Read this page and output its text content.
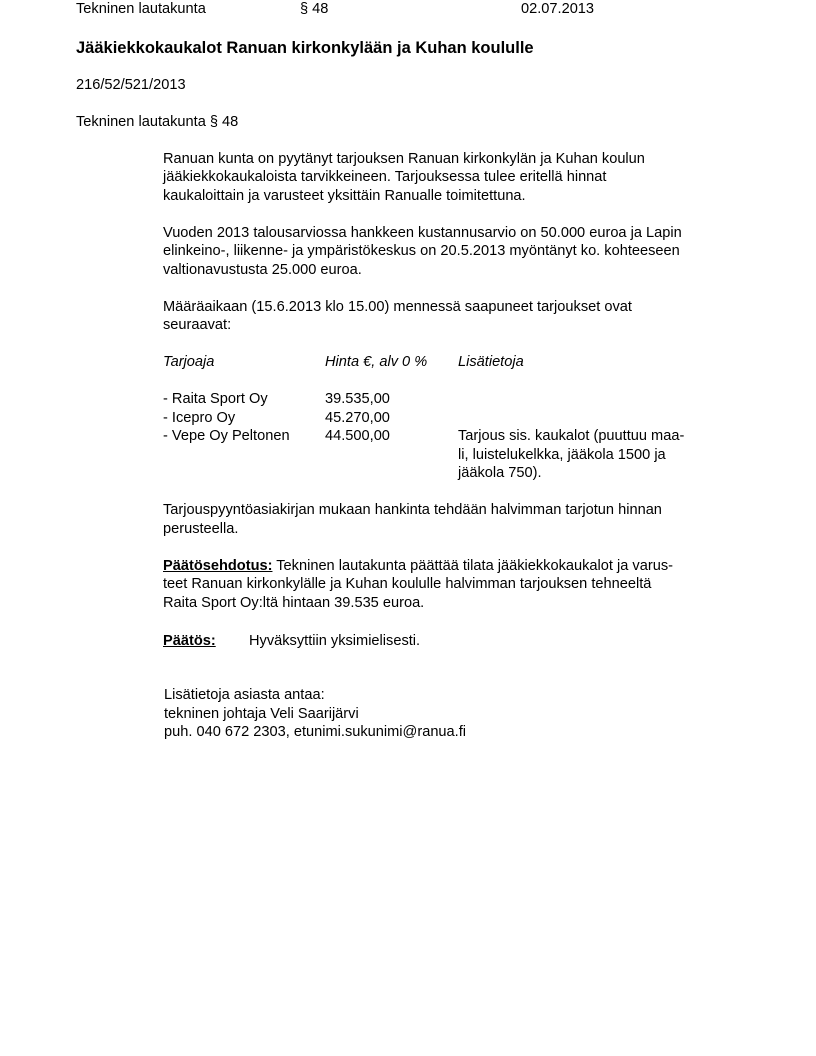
Tekninen lautakunta	§ 48	02.07.2013
Jääkiekkokaukalot Ranuan kirkonkylään ja Kuhan koululle
216/52/521/2013
Tekninen lautakunta § 48
Ranuan kunta on pyytänyt tarjouksen Ranuan kirkonkylän ja Kuhan koulun
jääkiekkokaukaloista tarvikkeineen. Tarjouksessa tulee eritellä hinnat
kaukaloittain ja varusteet yksittäin Ranualle toimitettuna.
Vuoden 2013 talousarviossa hankkeen kustannusarvio on 50.000 euroa ja Lapin
elinkeino-, liikenne- ja ympäristökeskus on 20.5.2013 myöntänyt ko. kohteeseen
valtionavustusta 25.000 euroa.
Määräaikaan (15.6.2013 klo 15.00) mennessä saapuneet tarjoukset ovat
seuraavat:
Tarjoaja	Hinta €, alv 0 % Lisätietoja
- Raita Sport Oy	39.535,00
- Icepro Oy	45.270,00
- Vepe Oy Peltonen 44.500,00	Tarjous sis. kaukalot (puuttuu maa-
li, luistelukelkka, jääkola 1500 ja
jääkola 750).
Tarjouspyyntöasiakirjan mukaan hankinta tehdään halvimman tarjotun hinnan
perusteella.
Päätösehdotus: Tekninen lautakunta päättää tilata jääkiekkokaukalot ja varus-
teet Ranuan kirkonkylälle ja Kuhan koululle halvimman tarjouksen tehneeltä
Raita Sport Oy:ltä hintaan 39.535 euroa.
Päätös: Hyväksyttiin yksimielisesti.
Lisätietoja asiasta antaa:
tekninen johtaja Veli Saarijärvi
puh. 040 672 2303, etunimi.sukunimi@ranua.fi
